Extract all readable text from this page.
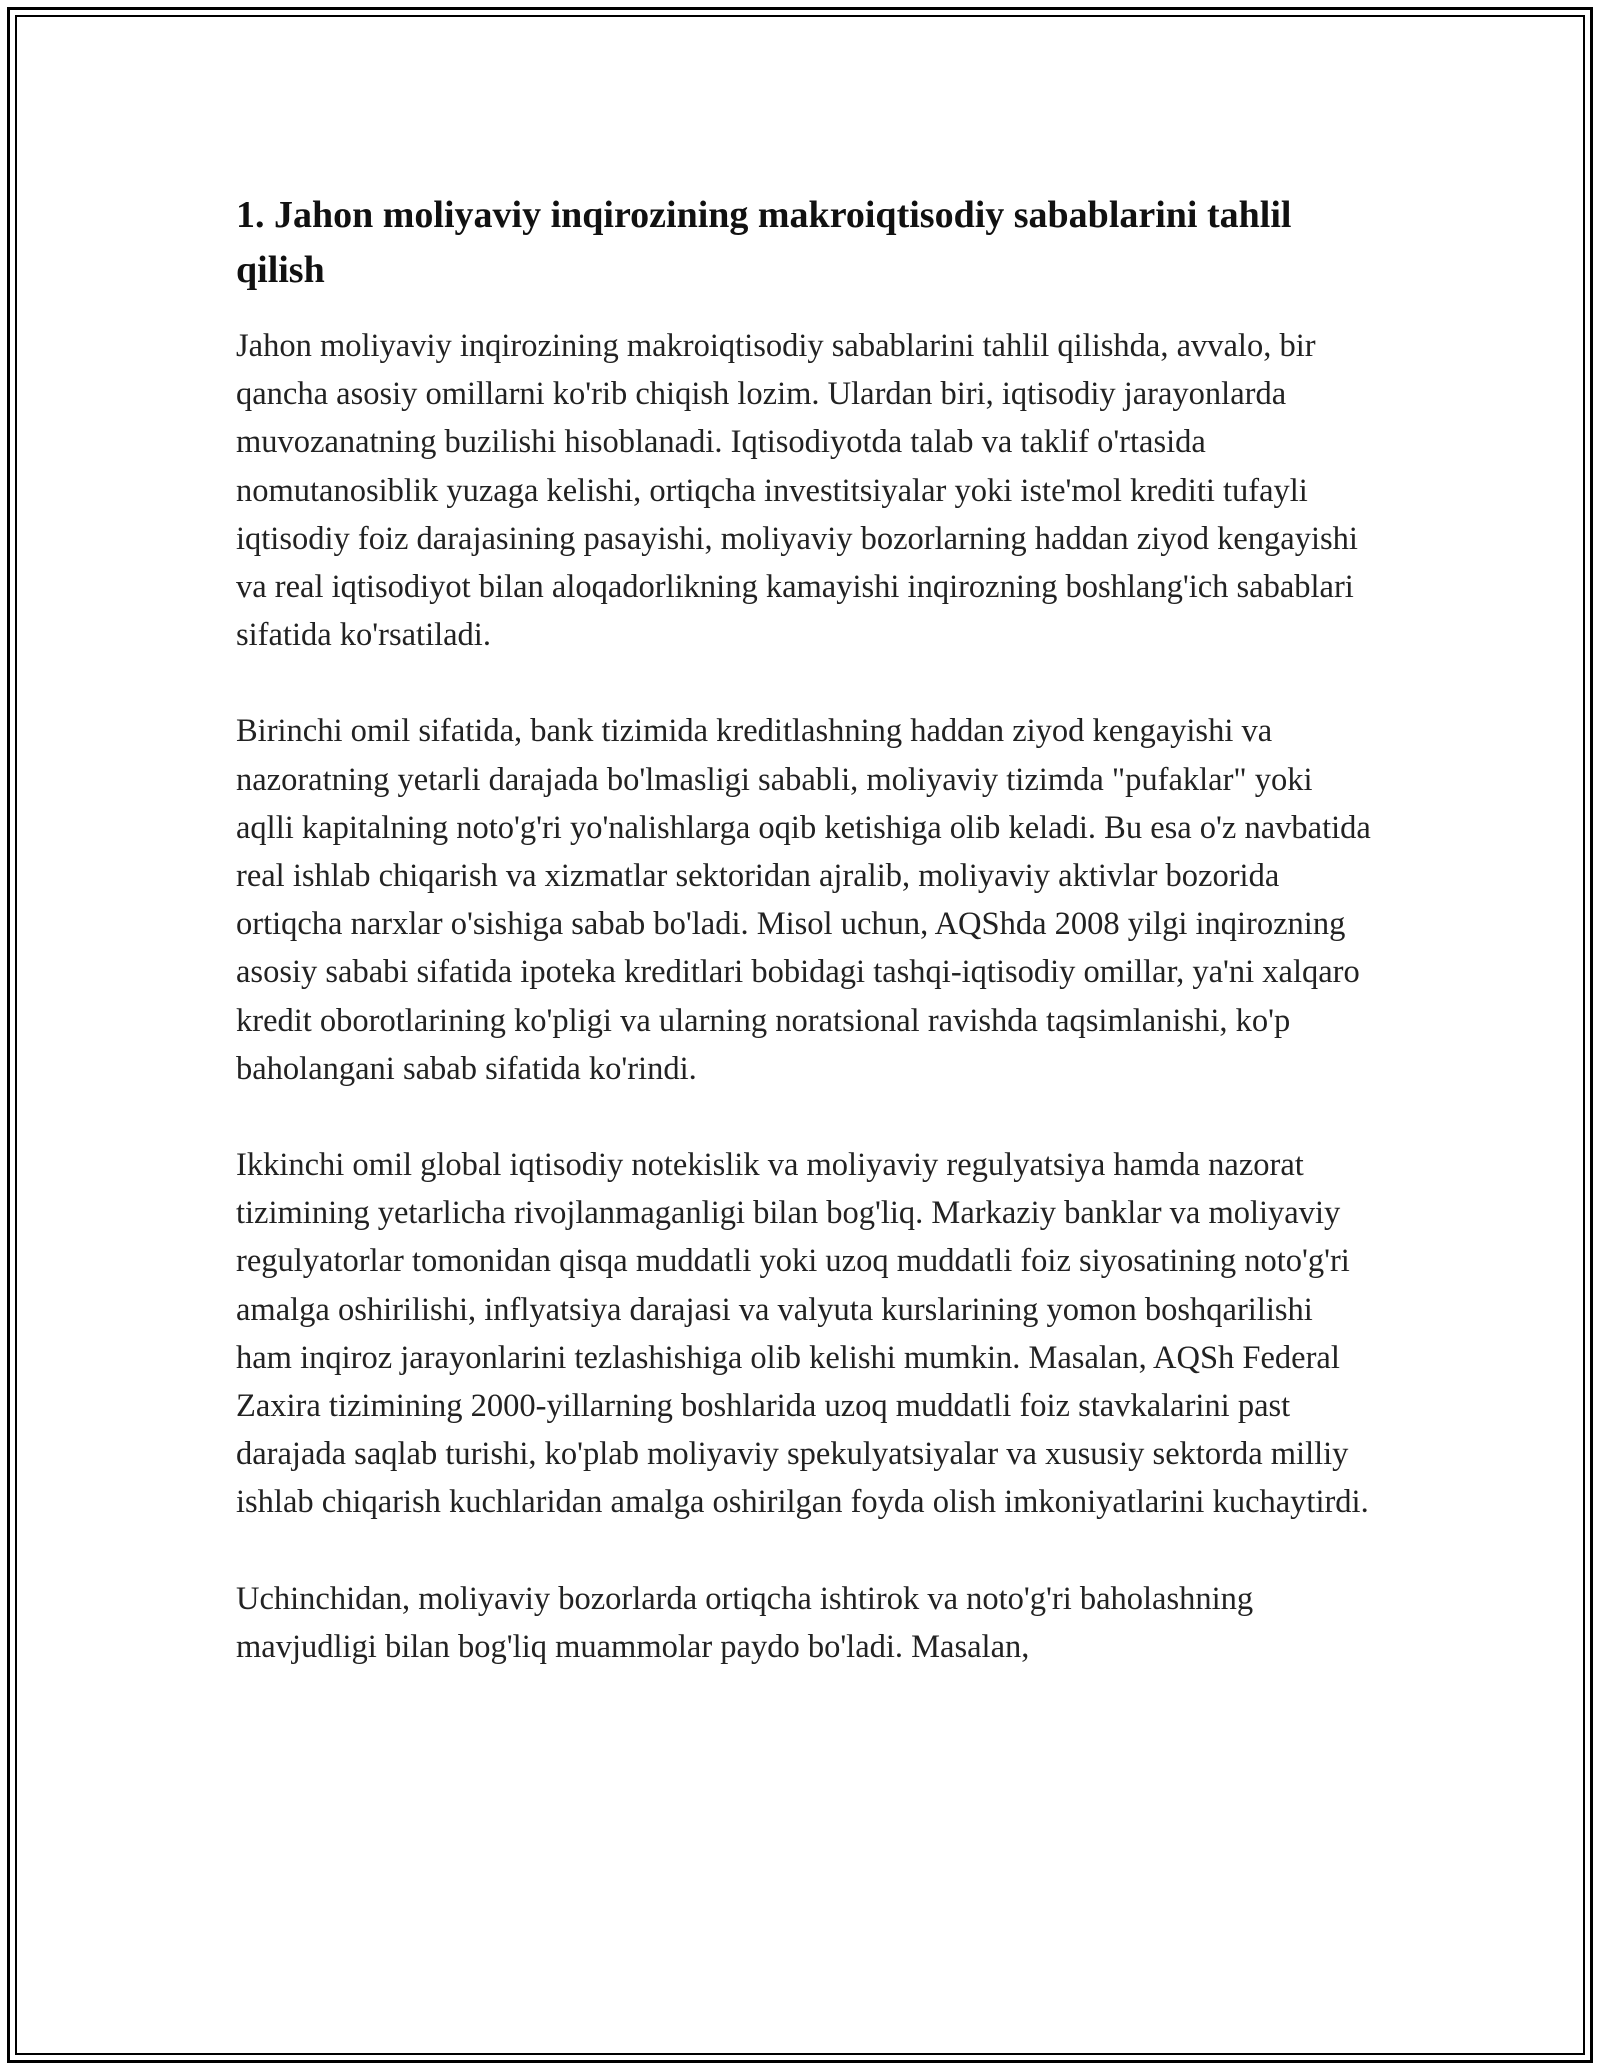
1. Jahon moliyaviy inqirozining makroiqtisodiy sabablarini tahlil qilish

Jahon moliyaviy inqirozining makroiqtisodiy sabablarini tahlil qilishda, avvalo, bir qancha asosiy omillarni ko'rib chiqish lozim. Ulardan biri, iqtisodiy jarayonlarda muvozanatning buzilishi hisoblanadi. Iqtisodiyotda talab va taklif o'rtasida nomutanosiblik yuzaga kelishi, ortiqcha investitsiyalar yoki iste'mol krediti tufayli iqtisodiy foiz darajasining pasayishi, moliyaviy bozorlarning haddan ziyod kengayishi va real iqtisodiyot bilan aloqadorlikning kamayishi inqirozning boshlang'ich sabablari sifatida ko'rsatiladi.

Birinchi omil sifatida, bank tizimida kreditlashning haddan ziyod kengayishi va nazoratning yetarli darajada bo'lmasligi sababli, moliyaviy tizimda "pufaklar" yoki aqlli kapitalning noto'g'ri yo'nalishlarga oqib ketishiga olib keladi. Bu esa o'z navbatida real ishlab chiqarish va xizmatlar sektoridan ajralib, moliyaviy aktivlar bozorida ortiqcha narxlar o'sishiga sabab bo'ladi. Misol uchun, AQShda 2008 yilgi inqirozning asosiy sababi sifatida ipoteka kreditlari bobidagi tashqi-iqtisodiy omillar, ya'ni xalqaro kredit oborotlarining ko'pligi va ularning noratsional ravishda taqsimlanishi, ko'p baholangani sabab sifatida ko'rindi.

Ikkinchi omil global iqtisodiy notekislik va moliyaviy regulyatsiya hamda nazorat tizimining yetarlicha rivojlanmaganligi bilan bog'liq. Markaziy banklar va moliyaviy regulyatorlar tomonidan qisqa muddatli yoki uzoq muddatli foiz siyosatining noto'g'ri amalga oshirilishi, inflyatsiya darajasi va valyuta kurslarining yomon boshqarilishi ham inqiroz jarayonlarini tezlashishiga olib kelishi mumkin. Masalan, AQSh Federal Zaxira tizimining 2000-yillarning boshlarida uzoq muddatli foiz stavkalarini past darajada saqlab turishi, ko'plab moliyaviy spekulyatsiyalar va xususiy sektorda milliy ishlab chiqarish kuchlaridan amalga oshirilgan foyda olish imkoniyatlarini kuchaytirdi.

Uchinchidan, moliyaviy bozorlarda ortiqcha ishtirok va noto'g'ri baholashning mavjudligi bilan bog'liq muammolar paydo bo'ladi. Masalan,
